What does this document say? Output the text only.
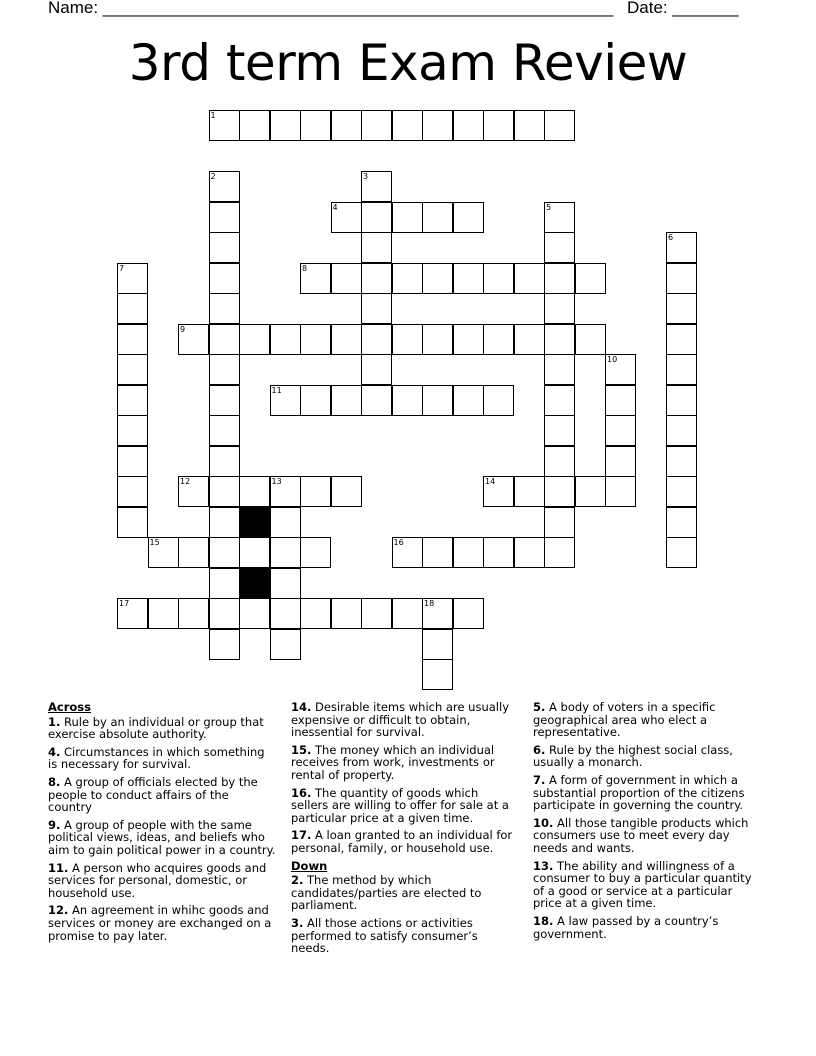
Name: ______________________________________________________ Date: _______
3rd term Exam Review
1
2	3
4	5
6
7	8
9
10
11
12	13	14
15	16
17	18
Across
1. Rule by an individual or group that exercise absolute authority.
4. Circumstances in which something is necessary for survival.
8. A group of officials elected by the people to conduct affairs of the country
9. A group of people with the same political views, ideas, and beliefs who aim to gain political power in a country.
11. A person who acquires goods and services for personal, domestic, or household use.
12. An agreement in whihc goods and services or money are exchanged on a promise to pay later.
14. Desirable items which are usually expensive or difficult to obtain, inessential for survival.
15. The money which an individual receives from work, investments or rental of property.
16. The quantity of goods which sellers are willing to offer for sale at a particular price at a given time.
17. A loan granted to an individual for personal, family, or household use.
Down
2. The method by which candidates/parties are elected to parliament.
3. All those actions or activities performed to satisfy consumer’s needs.
5. A body of voters in a specific geographical area who elect a representative.
6. Rule by the highest social class, usually a monarch.
7. A form of government in which a substantial proportion of the citizens participate in governing the country.
10. All those tangible products which consumers use to meet every day needs and wants.
13. The ability and willingness of a consumer to buy a particular quantity of a good or service at a particular price at a given time.
18. A law passed by a country’s government.
